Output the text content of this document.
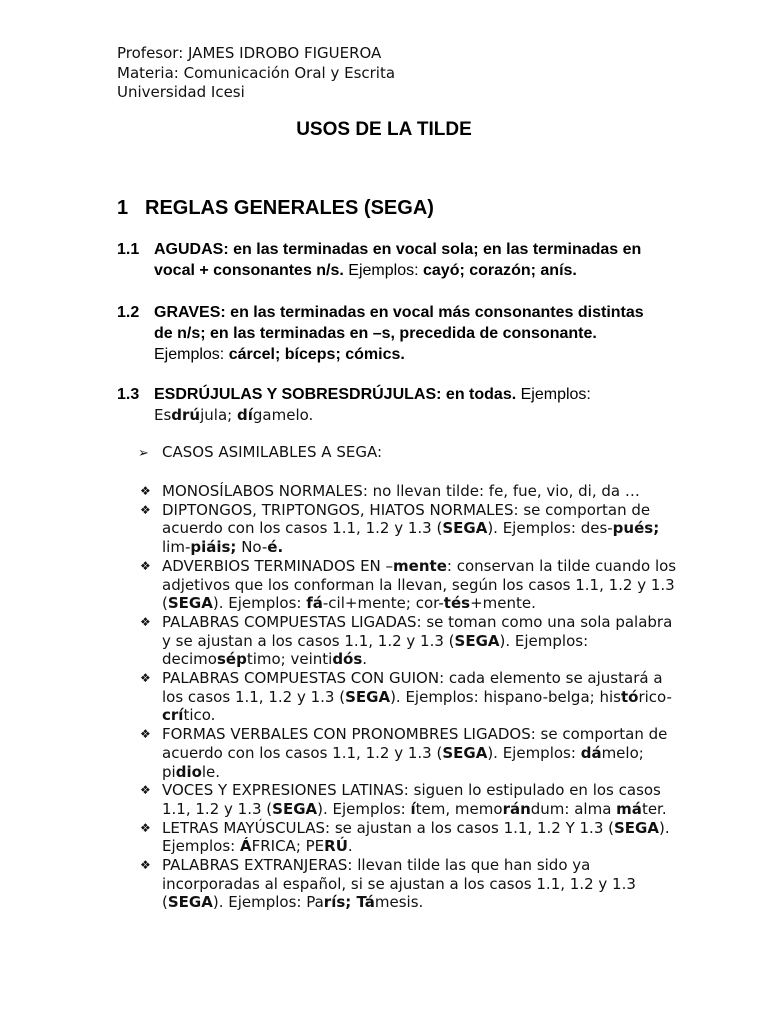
Profesor: JAMES IDROBO FIGUEROA
Materia: Comunicación Oral y Escrita
Universidad Icesi
USOS DE LA TILDE
1 REGLAS GENERALES (SEGA)
1.1 AGUDAS: en las terminadas en vocal sola; en las terminadas en vocal + consonantes n/s. Ejemplos: cayó; corazón; anís.
1.2 GRAVES: en las terminadas en vocal más consonantes distintas de n/s; en las terminadas en –s, precedida de consonante. Ejemplos: cárcel; bíceps; cómics.
1.3 ESDRÚJULAS Y SOBRESDRÚJULAS: en todas. Ejemplos:
Esdrújula; dígamelo.
➢ CASOS ASIMILABLES A SEGA:
❖ MONOSÍLABOS NORMALES: no llevan tilde: fe, fue, vio, di, da …
❖ DIPTONGOS, TRIPTONGOS, HIATOS NORMALES: se comportan de acuerdo con los casos 1.1, 1.2 y 1.3 (SEGA). Ejemplos: des-pués; lim-piáis; No-é.
❖ ADVERBIOS TERMINADOS EN –mente: conservan la tilde cuando los adjetivos que los conforman la llevan, según los casos 1.1, 1.2 y 1.3 (SEGA). Ejemplos: fá-cil+mente; cor-tés+mente.
❖ PALABRAS COMPUESTAS LIGADAS: se toman como una sola palabra y se ajustan a los casos 1.1, 1.2 y 1.3 (SEGA). Ejemplos: decimoséptimo; veintidós.
❖ PALABRAS COMPUESTAS CON GUION: cada elemento se ajustará a los casos 1.1, 1.2 y 1.3 (SEGA). Ejemplos: hispano-belga; histórico-crítico.
❖ FORMAS VERBALES CON PRONOMBRES LIGADOS: se comportan de acuerdo con los casos 1.1, 1.2 y 1.3 (SEGA). Ejemplos: dámelo; pidiole.
❖ VOCES Y EXPRESIONES LATINAS: siguen lo estipulado en los casos 1.1, 1.2 y 1.3 (SEGA). Ejemplos: ítem, memorándum: alma máter.
❖ LETRAS MAYÚSCULAS: se ajustan a los casos 1.1, 1.2 Y 1.3 (SEGA). Ejemplos: ÁFRICA; PERÚ.
❖ PALABRAS EXTRANJERAS: llevan tilde las que han sido ya incorporadas al español, si se ajustan a los casos 1.1, 1.2 y 1.3 (SEGA). Ejemplos: París; Támesis.
